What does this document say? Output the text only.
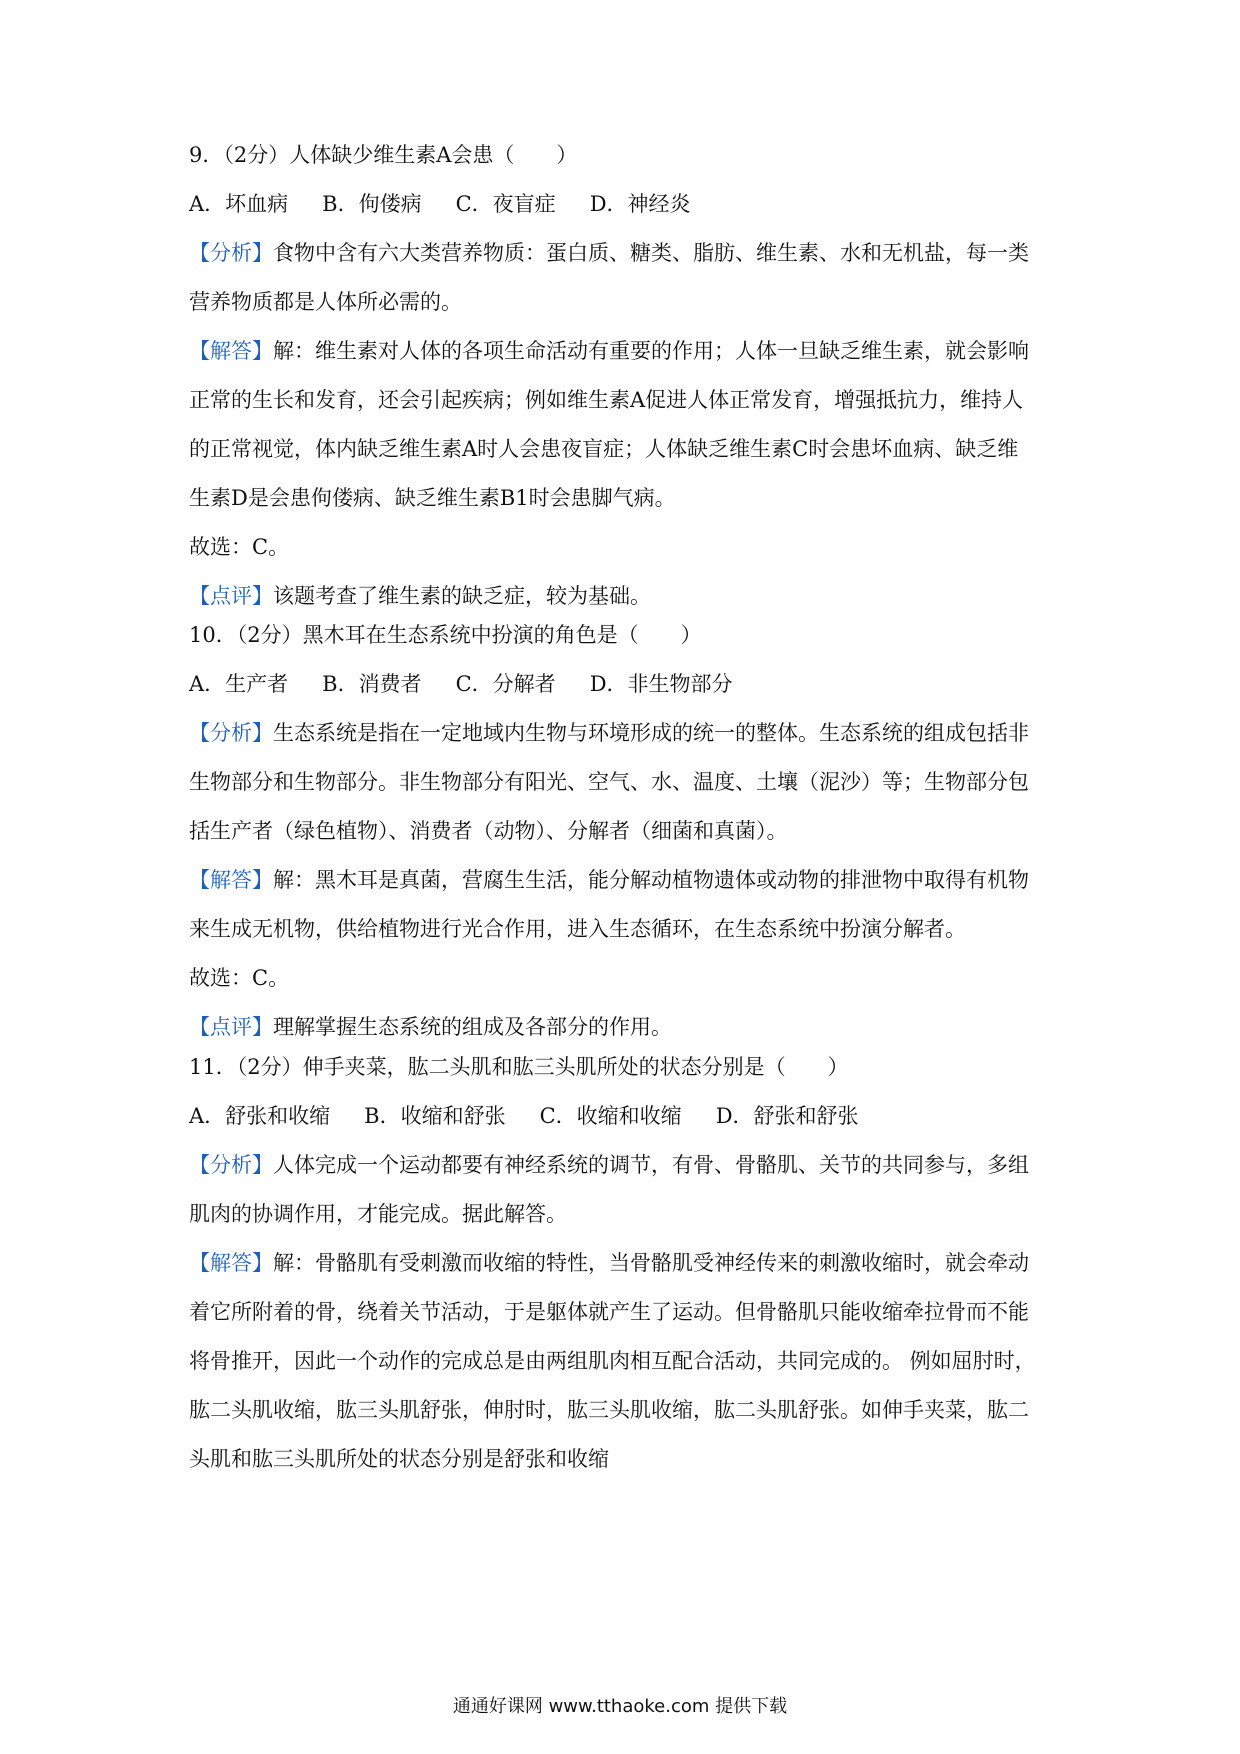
9．（2分）人体缺少维生素A会患（　　）
A．坏血病 B．佝偻病 C．夜盲症 D．神经炎
【分析】食物中含有六大类营养物质：蛋白质、糖类、脂肪、维生素、水和无机盐，每一类
营养物质都是人体所必需的。
【解答】解：维生素对人体的各项生命活动有重要的作用；人体一旦缺乏维生素，就会影响
正常的生长和发育，还会引起疾病；例如维生素A促进人体正常发育，增强抵抗力，维持人
的正常视觉，体内缺乏维生素A时人会患夜盲症；人体缺乏维生素C时会患坏血病、缺乏维
生素D是会患佝偻病、缺乏维生素B1时会患脚气病。
故选：C。
【点评】该题考查了维生素的缺乏症，较为基础。
10．（2分）黑木耳在生态系统中扮演的角色是（　　）
A．生产者 B．消费者 C．分解者 D．非生物部分
【分析】生态系统是指在一定地域内生物与环境形成的统一的整体。生态系统的组成包括非
生物部分和生物部分。非生物部分有阳光、空气、水、温度、土壤（泥沙）等；生物部分包
括生产者（绿色植物）、消费者（动物）、分解者（细菌和真菌）。
【解答】解：黑木耳是真菌，营腐生生活，能分解动植物遗体或动物的排泄物中取得有机物
来生成无机物，供给植物进行光合作用，进入生态循环，在生态系统中扮演分解者。
故选：C。
【点评】理解掌握生态系统的组成及各部分的作用。
11．（2分）伸手夹菜，肱二头肌和肱三头肌所处的状态分别是（　　）
A．舒张和收缩 B．收缩和舒张 C．收缩和收缩 D．舒张和舒张
【分析】人体完成一个运动都要有神经系统的调节，有骨、骨骼肌、关节的共同参与，多组
肌肉的协调作用，才能完成。据此解答。
【解答】解：骨骼肌有受刺激而收缩的特性，当骨骼肌受神经传来的刺激收缩时，就会牵动
着它所附着的骨，绕着关节活动，于是躯体就产生了运动。但骨骼肌只能收缩牵拉骨而不能
将骨推开，因此一个动作的完成总是由两组肌肉相互配合活动，共同完成的。 例如屈肘时，
肱二头肌收缩，肱三头肌舒张，伸肘时，肱三头肌收缩，肱二头肌舒张。如伸手夹菜，肱二
头肌和肱三头肌所处的状态分别是舒张和收缩
通通好课网 www.tthaoke.com 提供下载
